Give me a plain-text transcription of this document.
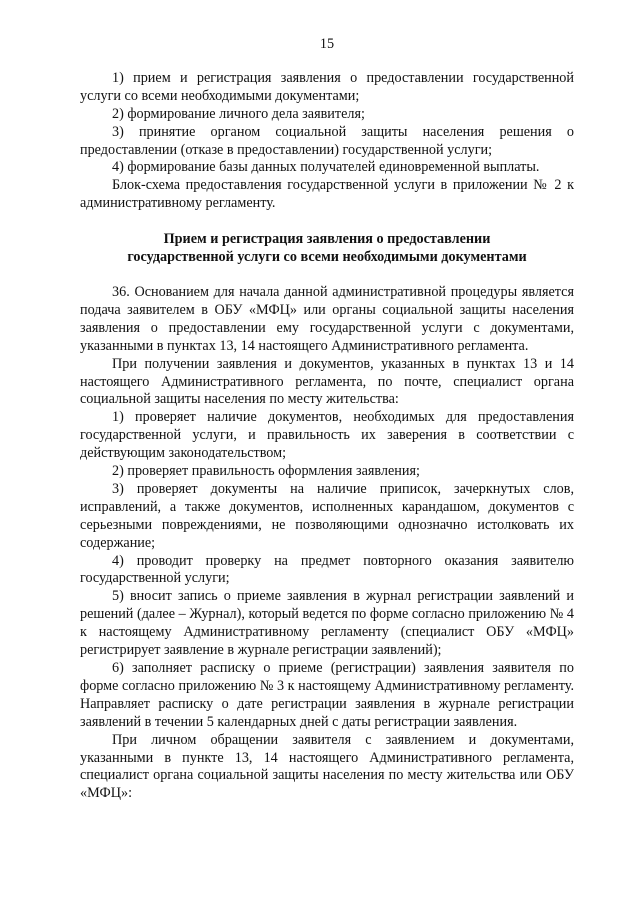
15

1) прием и регистрация заявления о предоставлении государственной услуги со всеми необходимыми документами;

2) формирование личного дела заявителя;

3) принятие органом социальной защиты населения решения о предоставлении (отказе в предоставлении) государственной услуги;

4) формирование базы данных получателей единовременной выплаты.

Блок-схема предоставления государственной услуги в приложении № 2 к административному регламенту.

Прием и регистрация заявления о предоставлении
государственной услуги со всеми необходимыми документами

36. Основанием для начала данной административной процедуры является подача заявителем в ОБУ «МФЦ» или органы социальной защиты населения заявления о предоставлении ему государственной услуги с документами, указанными в пунктах 13, 14 настоящего Административного регламента.

При получении заявления и документов, указанных в пунктах 13 и 14 настоящего Административного регламента, по почте, специалист органа социальной защиты населения по месту жительства:

1) проверяет наличие документов, необходимых для предоставления государственной услуги, и правильность их заверения в соответствии с действующим законодательством;

2) проверяет правильность оформления заявления;

3) проверяет документы на наличие приписок, зачеркнутых слов, исправлений, а также документов, исполненных карандашом, документов с серьезными повреждениями, не позволяющими однозначно истолковать их содержание;

4) проводит проверку на предмет повторного оказания заявителю государственной услуги;

5) вносит запись о приеме заявления в журнал регистрации заявлений и решений (далее – Журнал), который ведется по форме согласно приложению № 4 к настоящему Административному регламенту (специалист ОБУ «МФЦ» регистрирует заявление в журнале регистрации заявлений);

6) заполняет расписку о приеме (регистрации) заявления заявителя по форме согласно приложению № 3 к настоящему Административному регламенту. Направляет расписку о дате регистрации заявления в журнале регистрации заявлений в течении 5 календарных дней с даты регистрации заявления.

При личном обращении заявителя с заявлением и документами, указанными в пункте 13, 14 настоящего Административного регламента, специалист органа социальной защиты населения по месту жительства или ОБУ «МФЦ»:
